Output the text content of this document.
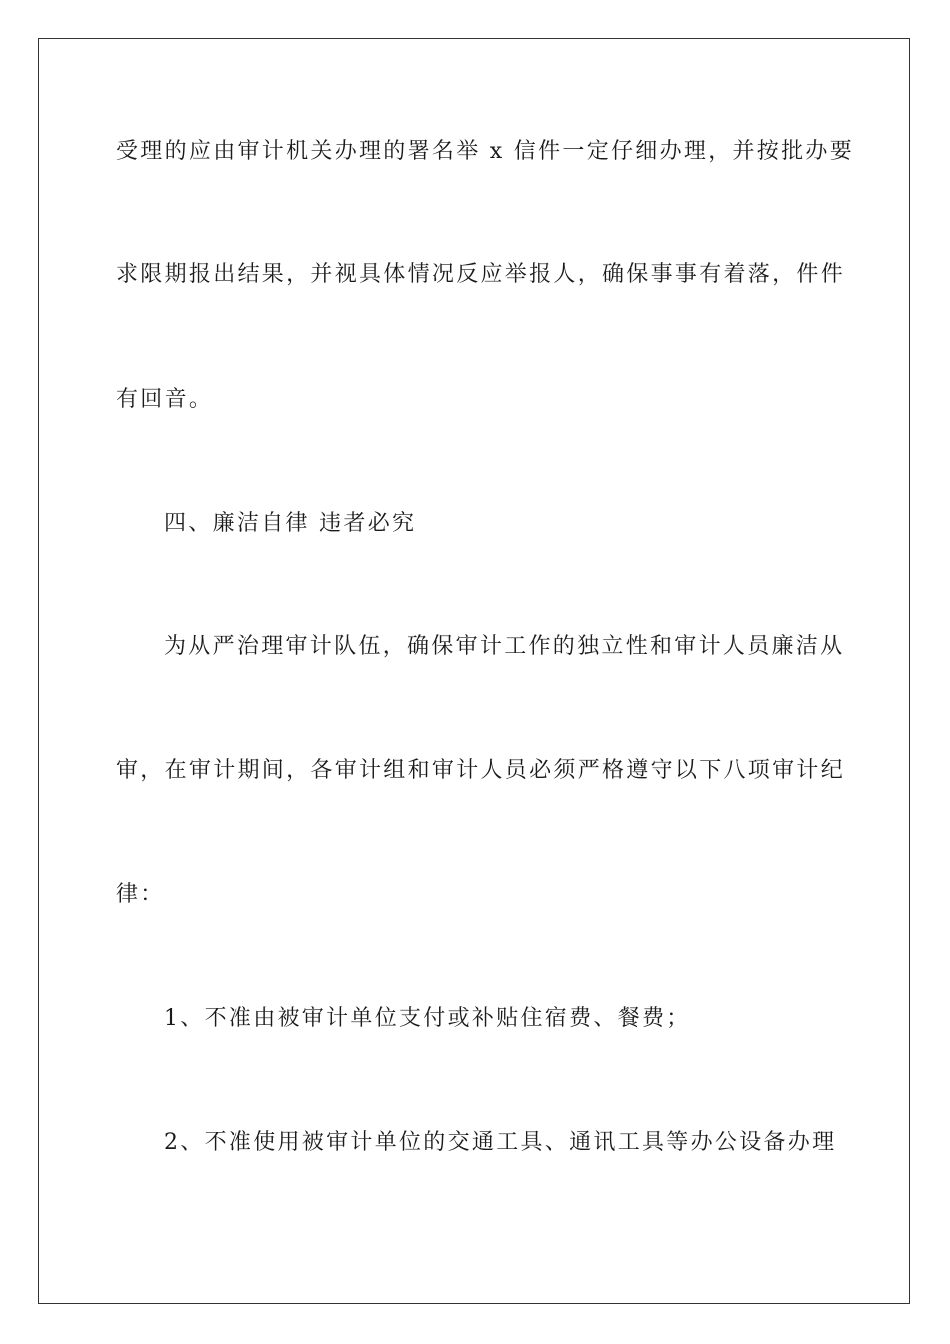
受理的应由审计机关办理的署名举 x 信件一定仔细办理，并按批办要
求限期报出结果，并视具体情况反应举报人，确保事事有着落，件件
有回音。
四、廉洁自律 违者必究
为从严治理审计队伍，确保审计工作的独立性和审计人员廉洁从
审，在审计期间，各审计组和审计人员必须严格遵守以下八项审计纪
律：
1、不准由被审计单位支付或补贴住宿费、餐费；
2、不准使用被审计单位的交通工具、通讯工具等办公设备办理
